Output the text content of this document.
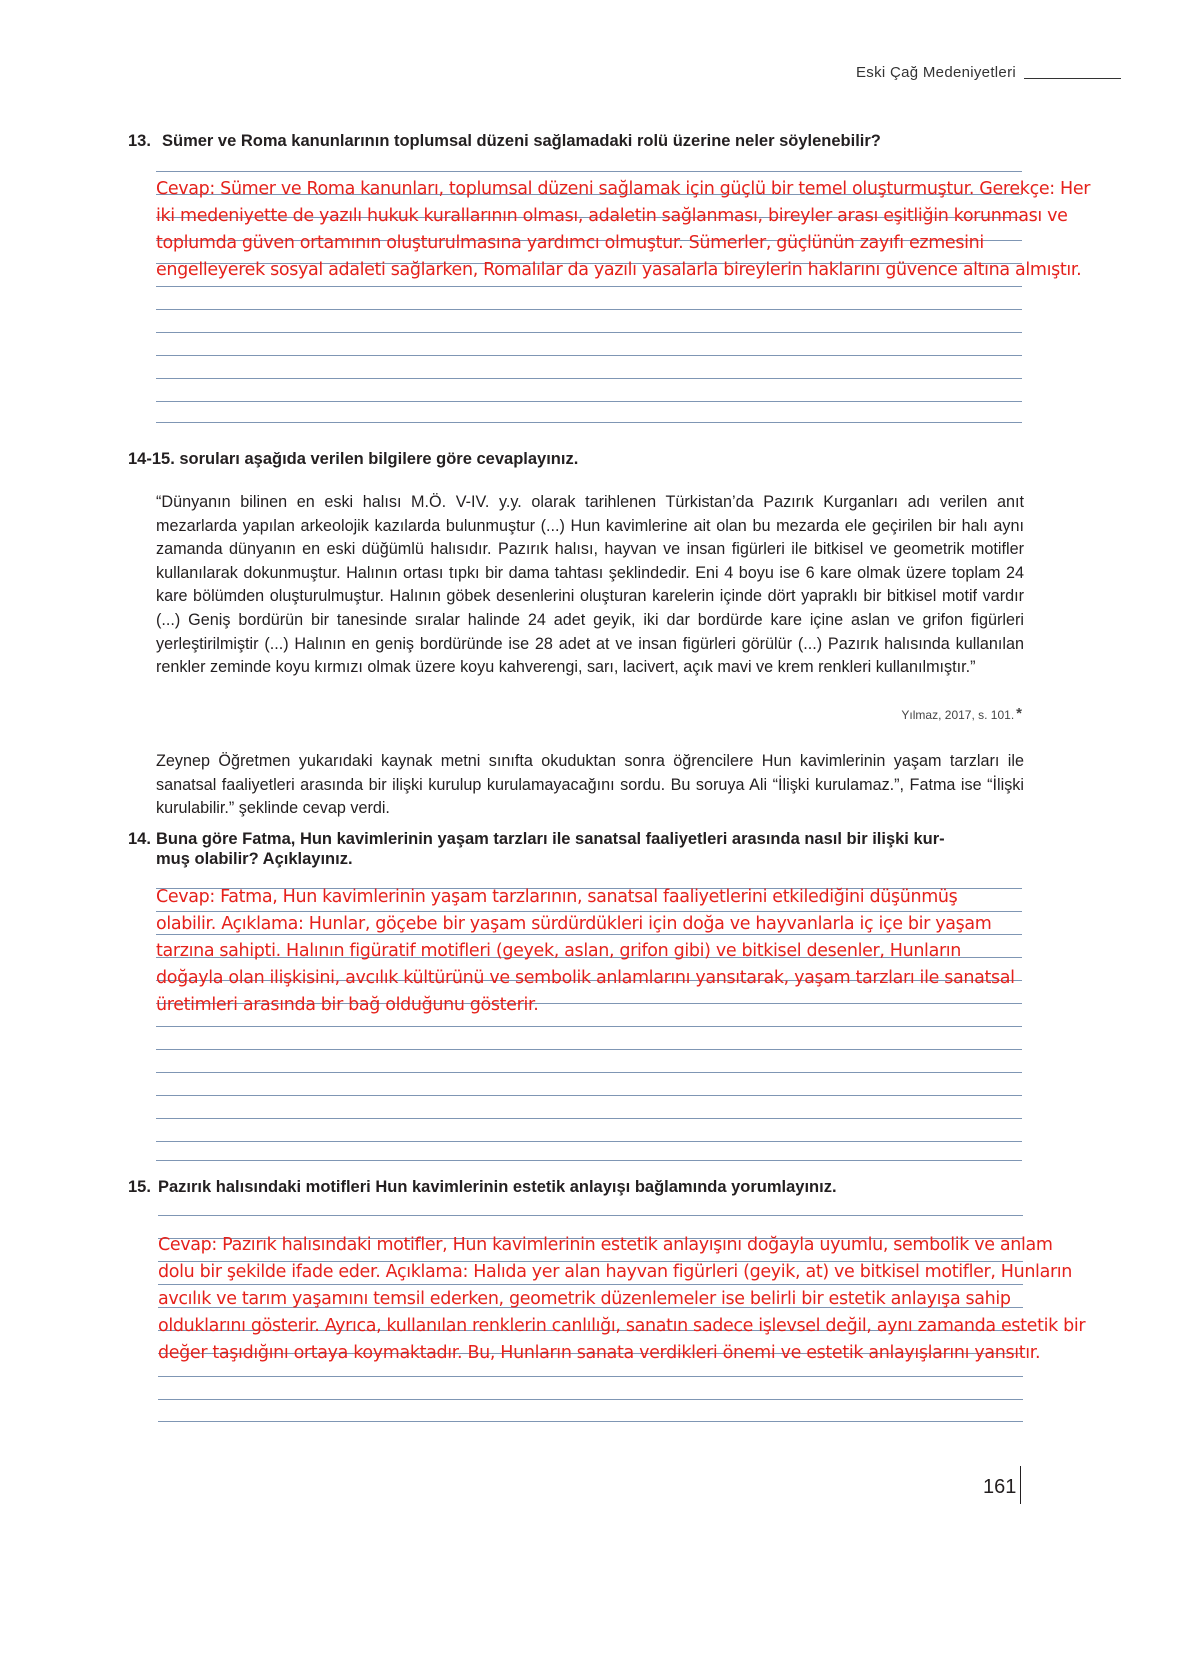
Eski Çağ Medeniyetleri
13. Sümer ve Roma kanunlarının toplumsal düzeni sağlamadaki rolü üzerine neler söylenebilir?

Cevap: Sümer ve Roma kanunları, toplumsal düzeni sağlamak için güçlü bir temel oluşturmuştur. Gerekçe: Her

iki medeniyette de yazılı hukuk kurallarının olması, adaletin sağlanması, bireyler arası eşitliğin korunması ve

toplumda güven ortamının oluşturulmasına yardımcı olmuştur. Sümerler, güçlünün zayıfı ezmesini

engelleyerek sosyal adaleti sağlarken, Romalılar da yazılı yasalarla bireylerin haklarını güvence altına almıştır.

14-15. soruları aşağıda verilen bilgilere göre cevaplayınız.

“Dünyanın bilinen en eski halısı M.Ö. V-IV. y.y. olarak tarihlenen Türkistan’da Pazırık Kurganları adı verilen anıt mezarlarda yapılan arkeolojik kazılarda bulunmuştur (...) Hun kavimlerine ait olan bu mezarda ele geçirilen bir halı aynı zamanda dünyanın en eski düğümlü halısıdır. Pazırık halısı, hayvan ve insan figürleri ile bitkisel ve geometrik motifler kullanılarak dokunmuştur. Halının ortası tıpkı bir dama tahtası şeklindedir. Eni 4 boyu ise 6 kare olmak üzere toplam 24 kare bölümden oluşturulmuştur. Halının göbek desenlerini oluşturan karelerin içinde dört yapraklı bir bitkisel motif vardır (...) Geniş bordürün bir tanesinde sıralar halinde 24 adet geyik, iki dar bordürde kare içine aslan ve grifon figürleri yerleştirilmiştir (...) Halının en geniş bordüründe ise 28 adet at ve insan figürleri görülür (...) Pazırık halısında kullanılan renkler zeminde koyu kırmızı olmak üzere koyu kahverengi, sarı, lacivert, açık mavi ve krem renkleri kullanılmıştır.”

Yılmaz, 2017, s. 101. *

Zeynep Öğretmen yukarıdaki kaynak metni sınıfta okuduktan sonra öğrencilere Hun kavimlerinin yaşam tarzları ile sanatsal faaliyetleri arasında bir ilişki kurulup kurulamayacağını sordu. Bu soruya Ali “İlişki kurulamaz.”, Fatma ise “İlişki kurulabilir.” şeklinde cevap verdi.

14. Buna göre Fatma, Hun kavimlerinin yaşam tarzları ile sanatsal faaliyetleri arasında nasıl bir ilişki kur-
muş olabilir? Açıklayınız.

Cevap: Fatma, Hun kavimlerinin yaşam tarzlarının, sanatsal faaliyetlerini etkilediğini düşünmüş

olabilir. Açıklama: Hunlar, göçebe bir yaşam sürdürdükleri için doğa ve hayvanlarla iç içe bir yaşam

tarzına sahipti. Halının figüratif motifleri (geyek, aslan, grifon gibi) ve bitkisel desenler, Hunların

doğayla olan ilişkisini, avcılık kültürünü ve sembolik anlamlarını yansıtarak, yaşam tarzları ile sanatsal

üretimleri arasında bir bağ olduğunu gösterir.

15. Pazırık halısındaki motifleri Hun kavimlerinin estetik anlayışı bağlamında yorumlayınız.

Cevap: Pazırık halısındaki motifler, Hun kavimlerinin estetik anlayışını doğayla uyumlu, sembolik ve anlam

dolu bir şekilde ifade eder. Açıklama: Halıda yer alan hayvan figürleri (geyik, at) ve bitkisel motifler, Hunların

avcılık ve tarım yaşamını temsil ederken, geometrik düzenlemeler ise belirli bir estetik anlayışa sahip

olduklarını gösterir. Ayrıca, kullanılan renklerin canlılığı, sanatın sadece işlevsel değil, aynı zamanda estetik bir

değer taşıdığını ortaya koymaktadır. Bu, Hunların sanata verdikleri önemi ve estetik anlayışlarını yansıtır.

161
